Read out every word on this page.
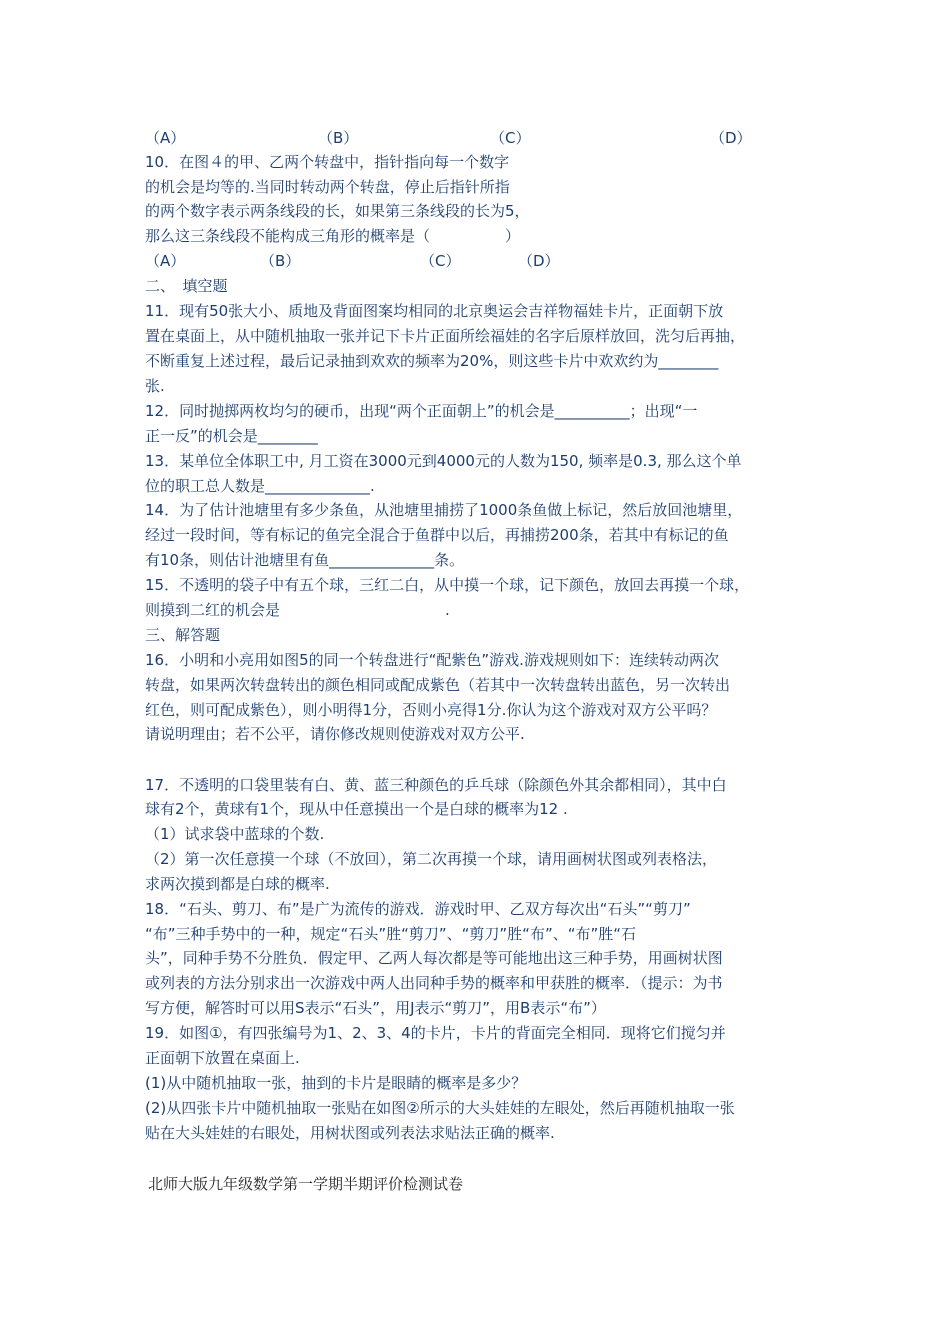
（A）	（B）	（C）	（D）
10．在图４的甲、乙两个转盘中，指针指向每一个数字
的机会是均等的.当同时转动两个转盘，停止后指针所指
的两个数字表示两条线段的长，如果第三条线段的长为5，
那么这三条线段不能构成三角形的概率是（　　　　　）
（A）	（B）	（C）	（D）
二、　填空题
11．现有50张大小、质地及背面图案均相同的北京奥运会吉祥物福娃卡片，正面朝下放
置在桌面上，从中随机抽取一张并记下卡片正面所绘福娃的名字后原样放回，洗匀后再抽，
不断重复上述过程，最后记录抽到欢欢的频率为20%，则这些卡片中欢欢约为________
张.
12．同时抛掷两枚均匀的硬币，出现“两个正面朝上”的机会是__________；出现“一
正一反”的机会是________
13．某单位全体职工中, 月工资在3000元到4000元的人数为150, 频率是0.3, 那么这个单
位的职工总人数是______________.
14．为了估计池塘里有多少条鱼，从池塘里捕捞了1000条鱼做上标记，然后放回池塘里，
经过一段时间，等有标记的鱼完全混合于鱼群中以后，再捕捞200条，若其中有标记的鱼
有10条，则估计池塘里有鱼______________条。
15．不透明的袋子中有五个球，三红二白，从中摸一个球，记下颜色，放回去再摸一个球，
则摸到二红的机会是　　　　　　　　　　　.
三、解答题
16．小明和小亮用如图5的同一个转盘进行“配紫色”游戏.游戏规则如下：连续转动两次
转盘，如果两次转盘转出的颜色相同或配成紫色（若其中一次转盘转出蓝色，另一次转出
红色，则可配成紫色），则小明得1分，否则小亮得1分.你认为这个游戏对双方公平吗？
请说明理由；若不公平，请你修改规则使游戏对双方公平.
17．不透明的口袋里装有白、黄、蓝三种颜色的乒乓球（除颜色外其余都相同），其中白
球有2个，黄球有1个，现从中任意摸出一个是白球的概率为12 .
（1）试求袋中蓝球的个数.
（2）第一次任意摸一个球（不放回），第二次再摸一个球，请用画树状图或列表格法，
求两次摸到都是白球的概率.
18．“石头、剪刀、布”是广为流传的游戏．游戏时甲、乙双方每次出“石头”“剪刀”
“布”三种手势中的一种，规定“石头”胜“剪刀”、“剪刀”胜“布”、“布”胜“石
头”，同种手势不分胜负．假定甲、乙两人每次都是等可能地出这三种手势，用画树状图
或列表的方法分别求出一次游戏中两人出同种手势的概率和甲获胜的概率．（提示：为书
写方便，解答时可以用S表示“石头”，用J表示“剪刀”，用B表示“布”）
19．如图①，有四张编号为1、2、3、4的卡片，卡片的背面完全相同．现将它们搅匀并
正面朝下放置在桌面上.
(1)从中随机抽取一张，抽到的卡片是眼睛的概率是多少？
(2)从四张卡片中随机抽取一张贴在如图②所示的大头娃娃的左眼处，然后再随机抽取一张
贴在大头娃娃的右眼处，用树状图或列表法求贴法正确的概率.
北师大版九年级数学第一学期半期评价检测试卷
